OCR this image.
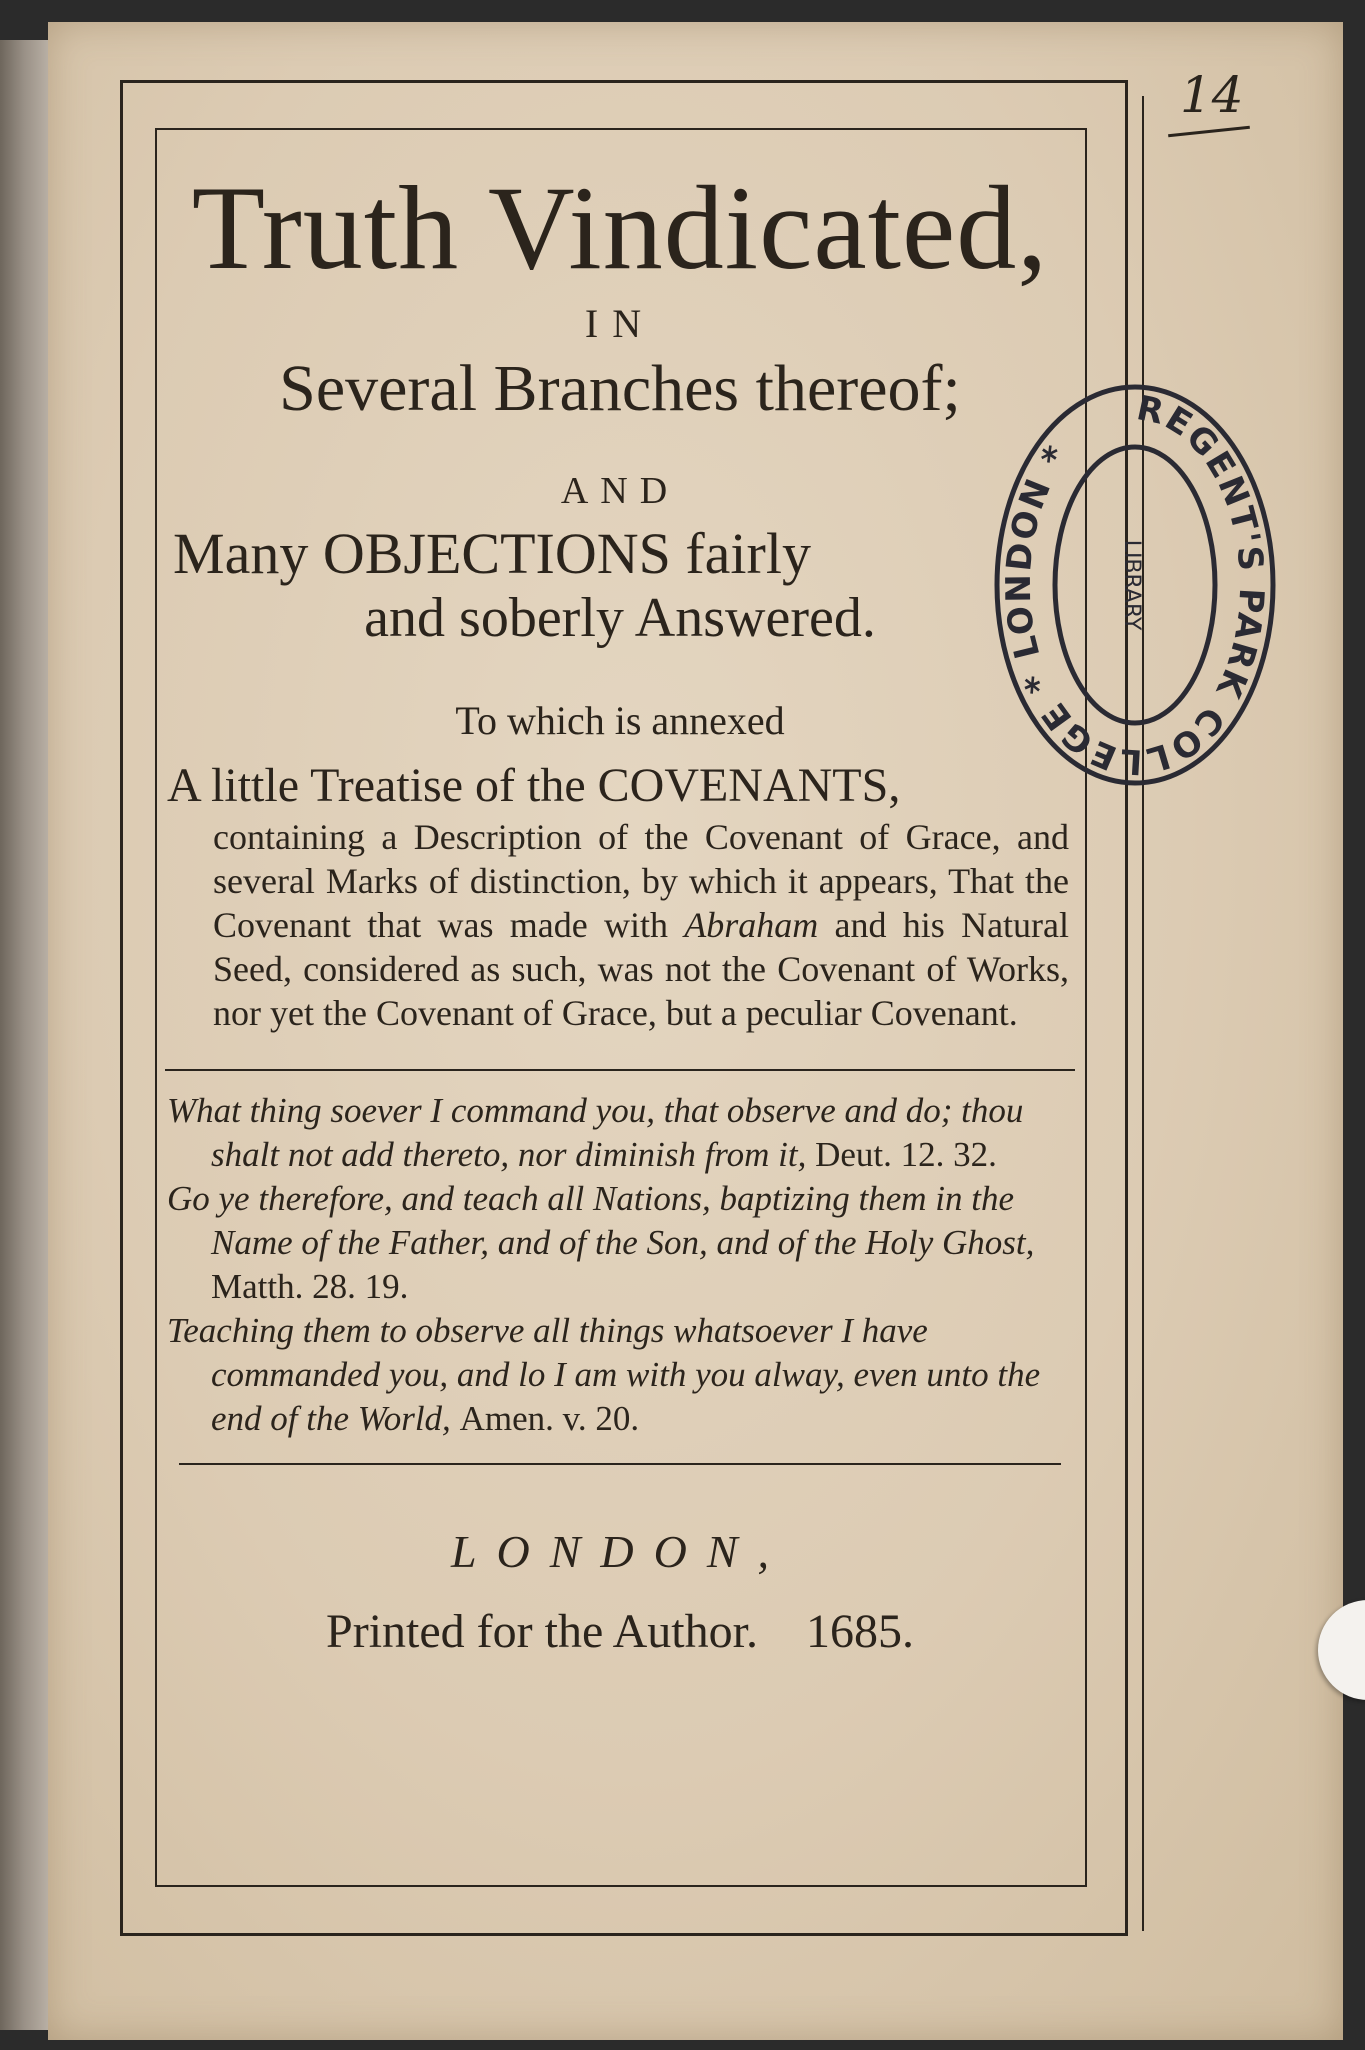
Truth Vindicated,
IN
Several Branches thereof;
AND
Many OBJECTIONS fairly
and soberly Answered.
To which is annexed
A little Treatise of the COVENANTS,
containing a Description of the Covenant of Grace, and several Marks of distinction, by which it appears, That the Covenant that was made with Abraham and his Natural Seed, considered as such, was not the Covenant of Works, nor yet the Covenant of Grace, but a peculiar Covenant.

What thing soever I command you, that observe and do; thou shalt not add thereto, nor diminish from it, Deut. 12. 32.

Go ye therefore, and teach all Nations, baptizing them in the Name of the Father, and of the Son, and of the Holy Ghost, Matth. 28. 19.

Teaching them to observe all things whatsoever I have commanded you, and lo I am with you alway, even unto the end of the World, Amen. v. 20.

LONDON,
Printed for the Author. 1685.
14
REGENT'S PARK COLLEGE * LONDON *
LIBRARY
